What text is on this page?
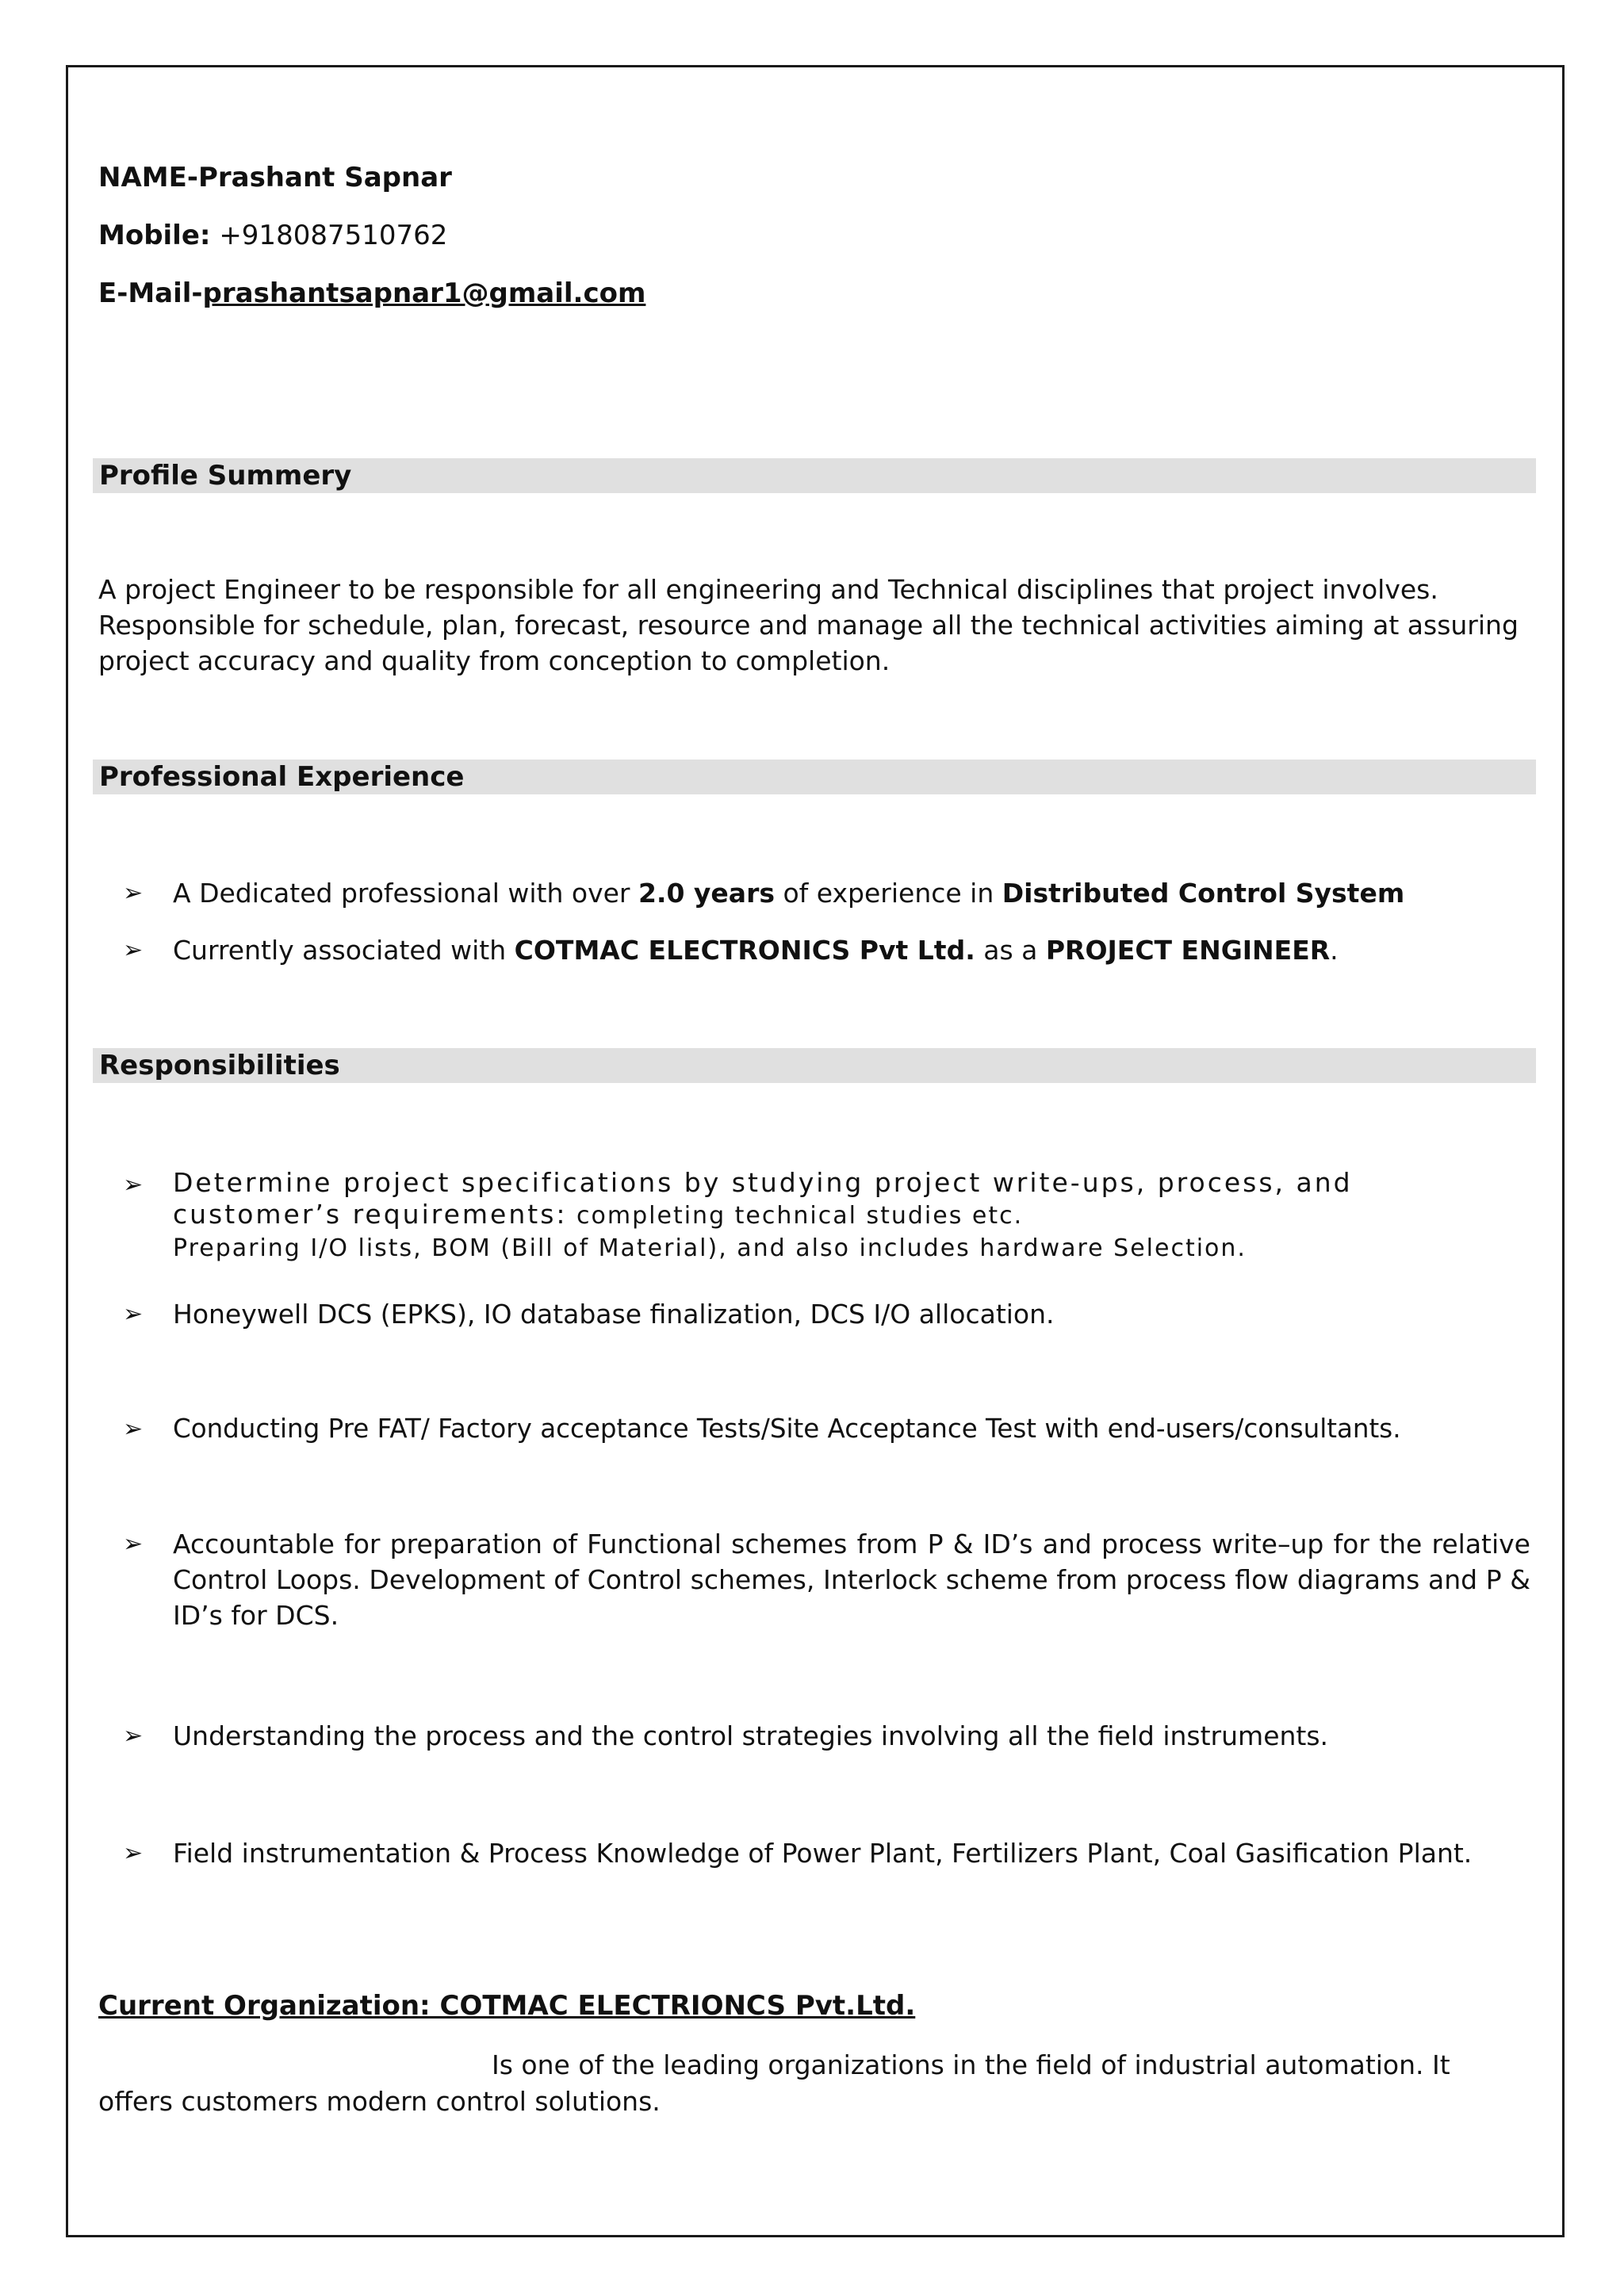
NAME-Prashant Sapnar
Mobile: +918087510762
E-Mail-prashantsapnar1@gmail.com
Profile Summery
A project Engineer to be responsible for all engineering and Technical disciplines that project involves. Responsible for schedule, plan, forecast, resource and manage all the technical activities aiming at assuring project accuracy and quality from conception to completion.
Professional Experience
➢	A Dedicated professional with over 2.0 years of experience in Distributed Control System
➢	Currently associated with COTMAC ELECTRONICS Pvt Ltd. as a PROJECT ENGINEER.
Responsibilities
➢	Determine project specifications by studying project write-ups, process, and
customer’s requirements: completing technical studies etc.
Preparing I/O lists, BOM (Bill of Material), and also includes hardware Selection.
➢	Honeywell DCS (EPKS), IO database finalization, DCS I/O allocation.
➢	Conducting Pre FAT/ Factory acceptance Tests/Site Acceptance Test with end-users/consultants.
➢	Accountable for preparation of Functional schemes from P & ID’s and process write–up for the relative Control Loops. Development of Control schemes, Interlock scheme from process flow diagrams and P & ID’s for DCS.
➢	Understanding the process and the control strategies involving all the field instruments.
➢	Field instrumentation & Process Knowledge of Power Plant, Fertilizers Plant, Coal Gasification Plant.
Current Organization: COTMAC ELECTRIONCS Pvt.Ltd.
Is one of the leading organizations in the field of industrial automation. It
offers customers modern control solutions.
